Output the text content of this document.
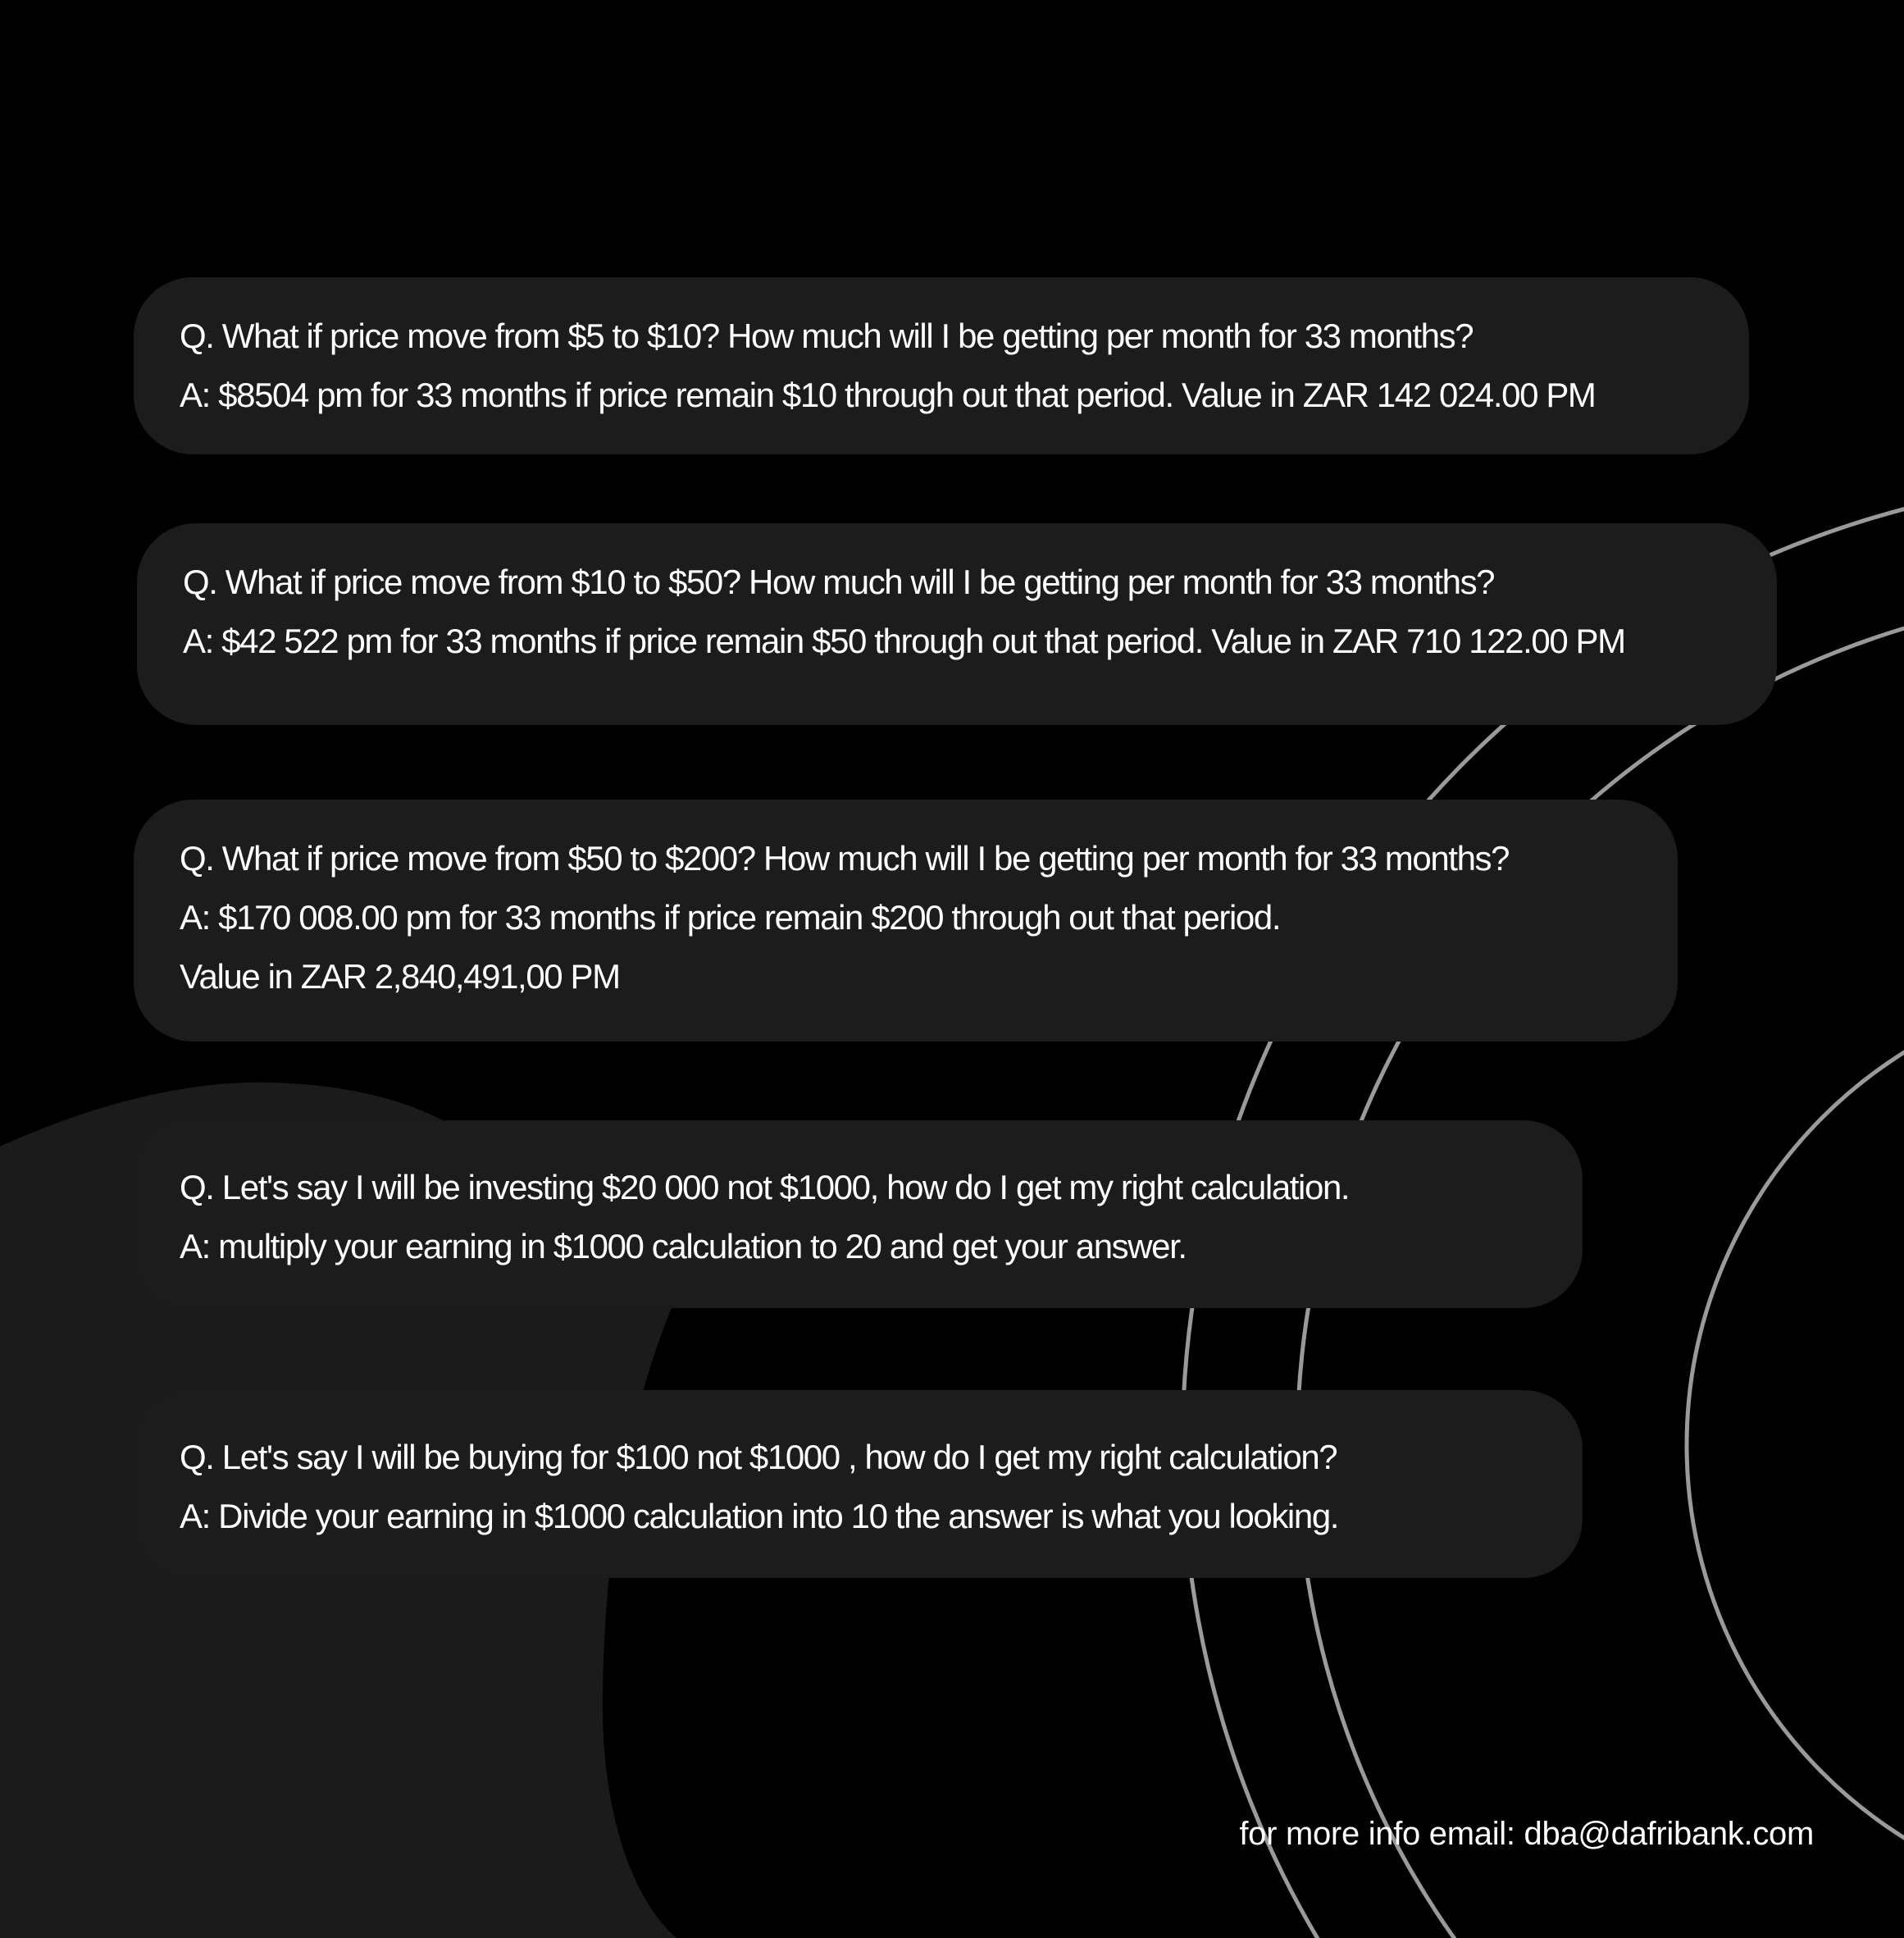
Q. What if price move from $5 to $10? How much will I be getting per month for 33 months?

A: $8504 pm for 33 months if price remain $10 through out that period. Value in ZAR 142 024.00 PM

Q. What if price move from $10 to $50? How much will I be getting per month for 33 months?

A: $42 522 pm for 33 months if price remain $50 through out that period. Value in ZAR 710 122.00 PM

Q. What if price move from $50 to $200? How much will I be getting per month for 33 months?

A: $170 008.00 pm for 33 months if price remain $200 through out that period.

Value in ZAR 2,840,491,00 PM

Q. Let's say I will be investing $20 000 not $1000, how do I get my right calculation.

A: multiply your earning in $1000 calculation to 20 and get your answer.

Q. Let's say I will be buying for $100 not $1000 , how do I get my right calculation?

A: Divide your earning in $1000 calculation into 10 the answer is what you looking.

for more info email: dba@dafribank.com
